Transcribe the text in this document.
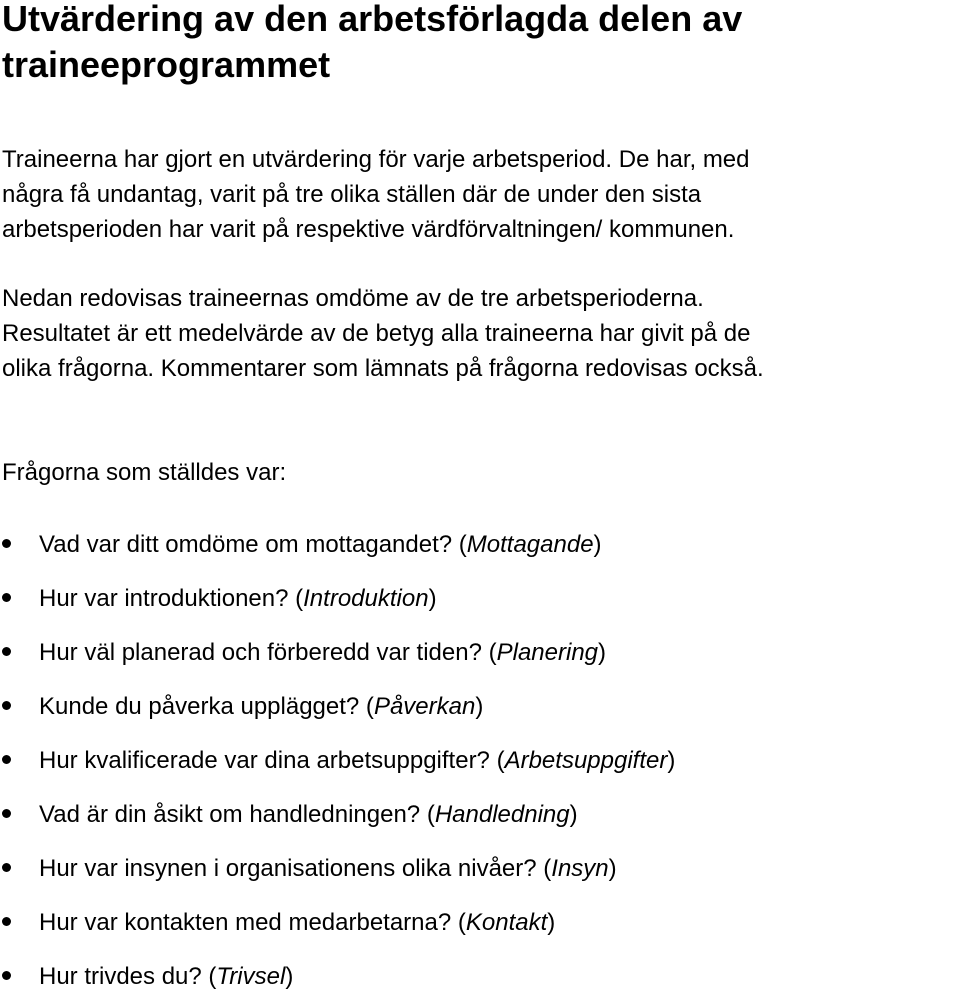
Utvärdering av den arbetsförlagda delen av
traineeprogrammet

Traineerna har gjort en utvärdering för varje arbetsperiod. De har, med
några få undantag, varit på tre olika ställen där de under den sista
arbetsperioden har varit på respektive värdförvaltningen/ kommunen.

Nedan redovisas traineernas omdöme av de tre arbetsperioderna.
Resultatet är ett medelvärde av de betyg alla traineerna har givit på de
olika frågorna. Kommentarer som lämnats på frågorna redovisas också.

Frågorna som ställdes var:

Vad var ditt omdöme om mottagandet? (Mottagande)
Hur var introduktionen? (Introduktion)
Hur väl planerad och förberedd var tiden? (Planering)
Kunde du påverka upplägget? (Påverkan)
Hur kvalificerade var dina arbetsuppgifter? (Arbetsuppgifter)
Vad är din åsikt om handledningen? (Handledning)
Hur var insynen i organisationens olika nivåer? (Insyn)
Hur var kontakten med medarbetarna? (Kontakt)
Hur trivdes du? (Trivsel)
